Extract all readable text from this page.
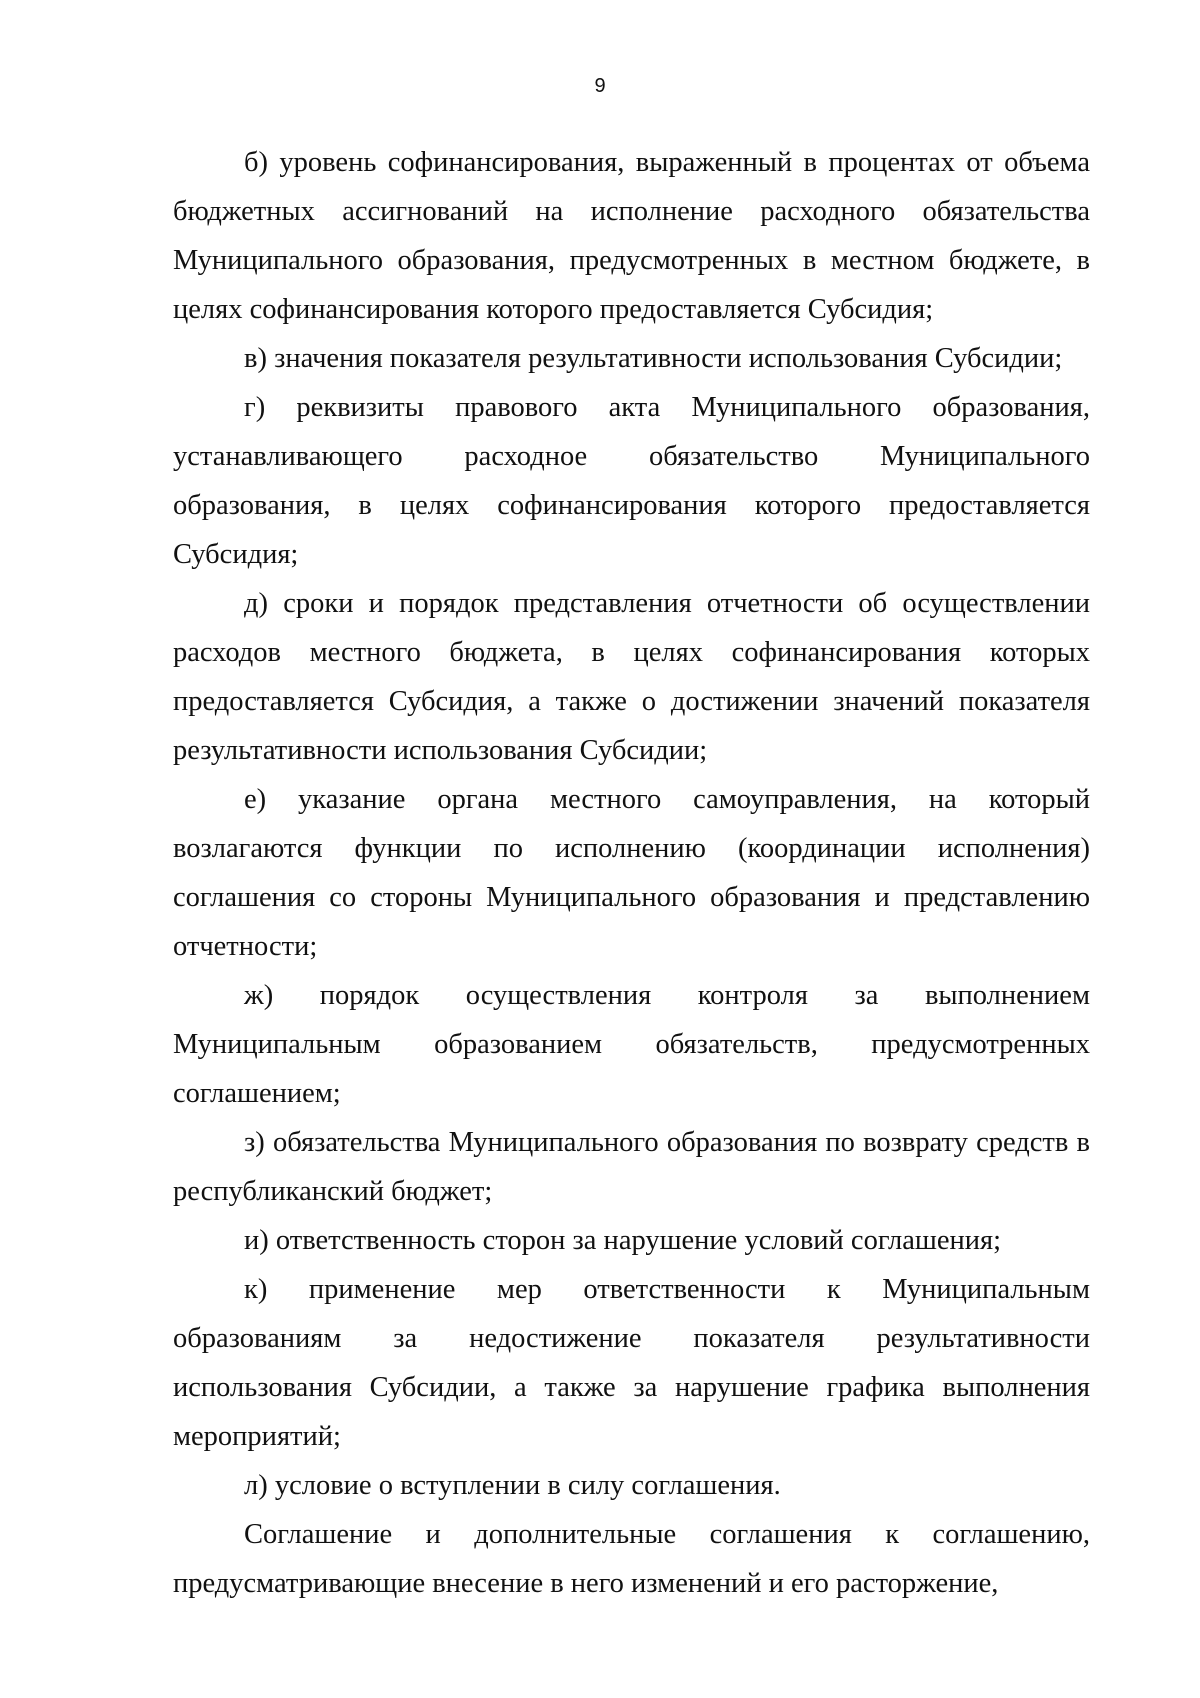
9

б) уровень софинансирования, выраженный в процентах от объема бюджетных ассигнований на исполнение расходного обязательства Муниципального образования, предусмотренных в местном бюджете, в целях софинансирования которого предоставляется Субсидия;

в) значения показателя результативности использования Субсидии;

г) реквизиты правового акта Муниципального образования, устанавливающего расходное обязательство Муниципального образования, в целях софинансирования которого предоставляется Субсидия;

д) сроки и порядок представления отчетности об осуществлении расходов местного бюджета, в целях софинансирования которых предоставляется Субсидия, а также о достижении значений показателя результативности использования Субсидии;

е) указание органа местного самоуправления, на который возлагаются функции по исполнению (координации исполнения) соглашения со стороны Муниципального образования и представлению отчетности;

ж) порядок осуществления контроля за выполнением Муниципальным образованием обязательств, предусмотренных соглашением;

з) обязательства Муниципального образования по возврату средств в республиканский бюджет;

и) ответственность сторон за нарушение условий соглашения;

к) применение мер ответственности к Муниципальным образованиям за недостижение показателя результативности использования Субсидии, а также за нарушение графика выполнения мероприятий;

л) условие о вступлении в силу соглашения.

Соглашение и дополнительные соглашения к соглашению, предусматривающие внесение в него изменений и его расторжение,
